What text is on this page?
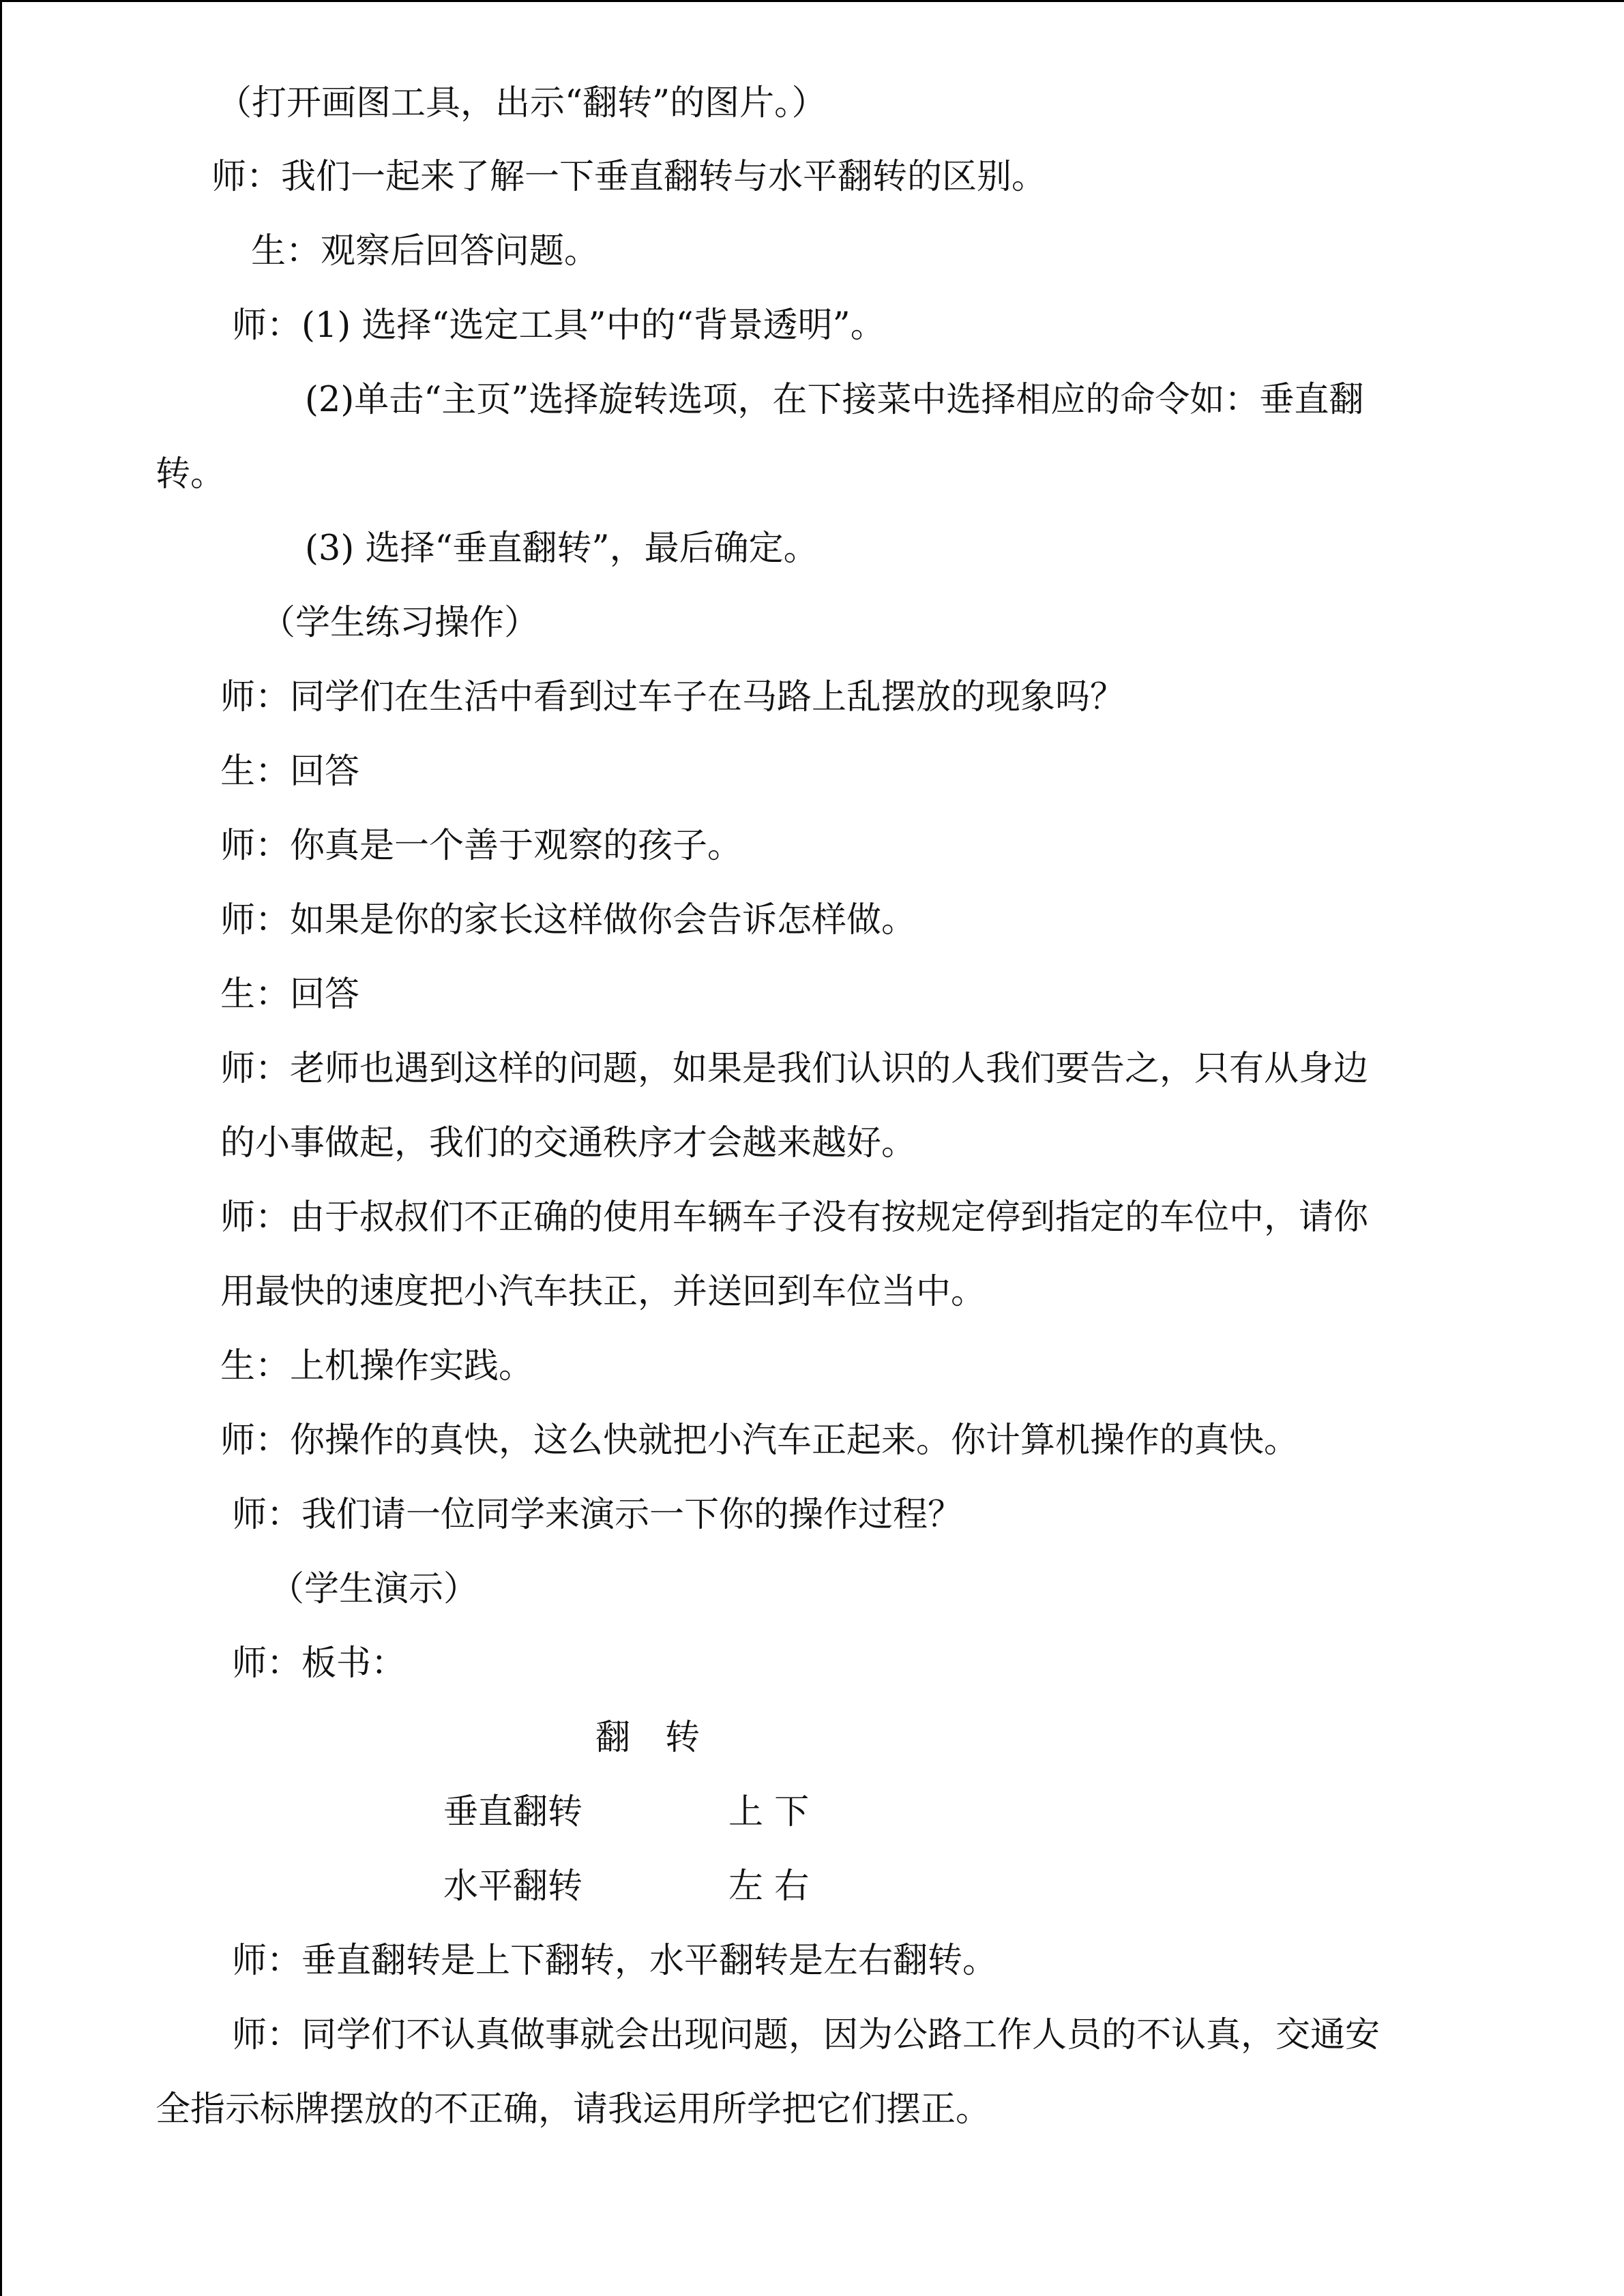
（打开画图工具，出示“翻转”的图片。）

师：我们一起来了解一下垂直翻转与水平翻转的区别。

生：观察后回答问题。

师：(1) 选择“选定工具”中的“背景透明”。

(2)单击“主页”选择旋转选项，在下接菜中选择相应的命令如：垂直翻

转。

(3) 选择“垂直翻转”，最后确定。

（学生练习操作）

师：同学们在生活中看到过车子在马路上乱摆放的现象吗？

生：回答

师：你真是一个善于观察的孩子。

师：如果是你的家长这样做你会告诉怎样做。

生：回答

师：老师也遇到这样的问题，如果是我们认识的人我们要告之，只有从身边

的小事做起，我们的交通秩序才会越来越好。

师：由于叔叔们不正确的使用车辆车子没有按规定停到指定的车位中，请你

用最快的速度把小汽车扶正，并送回到车位当中。

生：上机操作实践。

师：你操作的真快，这么快就把小汽车正起来。你计算机操作的真快。

师：我们请一位同学来演示一下你的操作过程？

（学生演示）

师：板书：

翻　转

垂直翻转	上 下

水平翻转	左 右

师：垂直翻转是上下翻转，水平翻转是左右翻转。

师：同学们不认真做事就会出现问题，因为公路工作人员的不认真，交通安

全指示标牌摆放的不正确，请我运用所学把它们摆正。
